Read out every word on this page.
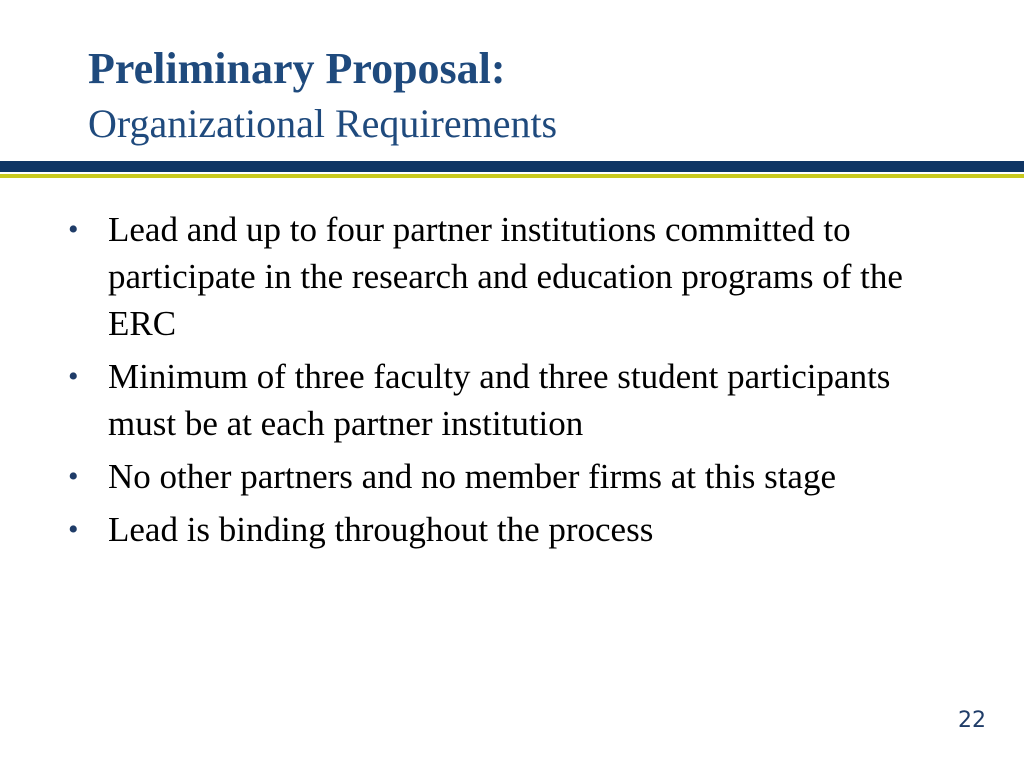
Preliminary Proposal:
Organizational Requirements
• Lead and up to four partner institutions committed to participate in the research and education programs of the ERC
• Minimum of three faculty and three student participants must be at each partner institution
• No other partners and no member firms at this stage
• Lead is binding throughout the process
22
